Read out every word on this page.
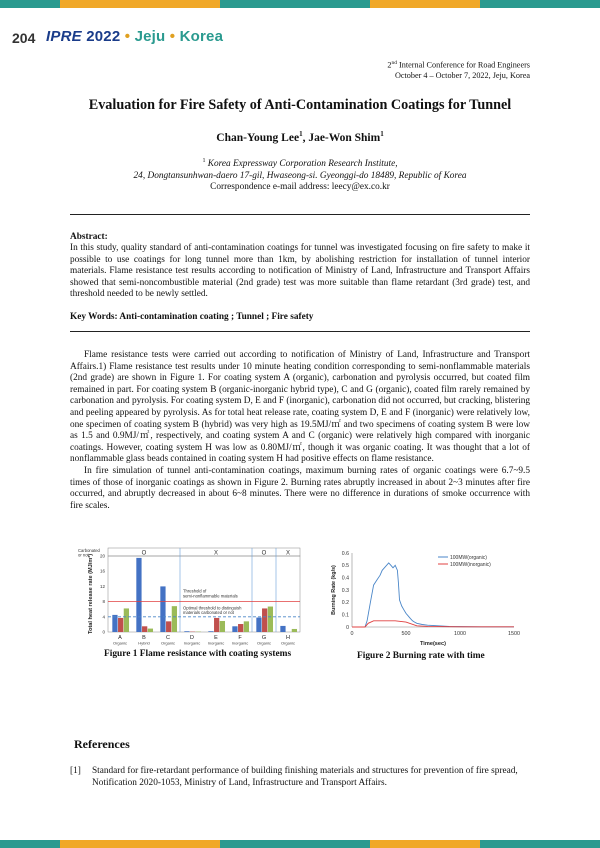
204 IPRE 2022 • Jeju • Korea
2nd Internal Conference for Road Engineers
October 4 – October 7, 2022, Jeju, Korea
Evaluation for Fire Safety of Anti-Contamination Coatings for Tunnel
Chan-Young Lee$^1$, Jae-Won Shim$^1$
$^1$ Korea Expressway Corporation Research Institute,
24, Dongtansunhwan-daero 17-gil, Hwaseong-si. Gyeonggi-do 18489, Republic of Korea
Correspondence e-mail address: leecy@ex.co.kr
Abstract:
In this study, quality standard of anti-contamination coatings for tunnel was investigated focusing on fire safety to make it possible to use coatings for long tunnel more than 1km, by abolishing restriction for installation of tunnel interior materials. Flame resistance test results according to notification of Ministry of Land, Infrastructure and Transport Affairs showed that semi-noncombustible material (2nd grade) test was more suitable than flame retardant (3rd grade) test, and threshold needed to be newly settled.
Key Words: Anti-contamination coating ; Tunnel ; Fire safety
Flame resistance tests were carried out according to notification of Ministry of Land, Infrastructure and Transport Affairs.1) Flame resistance test results under 10 minute heating condition corresponding to semi-nonflammable materials (2nd grade) are shown in Figure 1. For coating system A (organic), carbonation and pyrolysis occurred, but coated film remained in part. For coating system B (organic-inorganic hybrid type), C and G (organic), coated film rarely remained by carbonation and pyrolysis. For coating system D, E and F (inorganic), carbonation did not occurred, but cracking, blistering and peeling appeared by pyrolysis. As for total heat release rate, coating system D, E and F (inorganic) were relatively low, one specimen of coating system B (hybrid) was very high as 19.5MJ/㎡ and two specimens of coating system B were low as 1.5 and 0.9MJ/㎡, respectively, and coating system A and C (organic) were relatively high compared with inorganic coatings. However, coating system H was low as 0.80MJ/㎡, though it was organic coating. It was thought that a lot of nonflammable glass beads contained in coating system H had positive effects on flame resistance.
In fire simulation of tunnel anti-contamination coatings, maximum burning rates of organic coatings were 6.7~9.5 times of those of inorganic coatings as shown in Figure 2. Burning rates abruptly increased in about 2~3 minutes after fire occurred, and abruptly decreased in about 6~8 minutes. There were no difference in durations of smoke occurrence with fire scales.
Carbonated
or not	O	X	O	X
0
4
8
12
16
20
Total heat release rate (MJ/m²)	Threshold of
semi-nonflammable materials
Optimal threshold to distinguish
materials carbonated or not
A
Organic
B
Hybrid
C
Organic
D
Inorganic
E
Inorganic
F
Inorganic
G
Organic
H
Organic
Figure 1 Flame resistance with coating systems
0
0.1
0.2
0.3
0.4
0.5
0.6
0	500	1000	1500
Time(sec)
Burning Rate (kg/s)
100MW(organic)
100MW(inorganic)
Figure 2 Burning rate with time
References
[1] Standard for fire-retardant performance of building finishing materials and structures for prevention of fire spread, Notification 2020-1053, Ministry of Land, Infrastructure and Transport Affairs.
